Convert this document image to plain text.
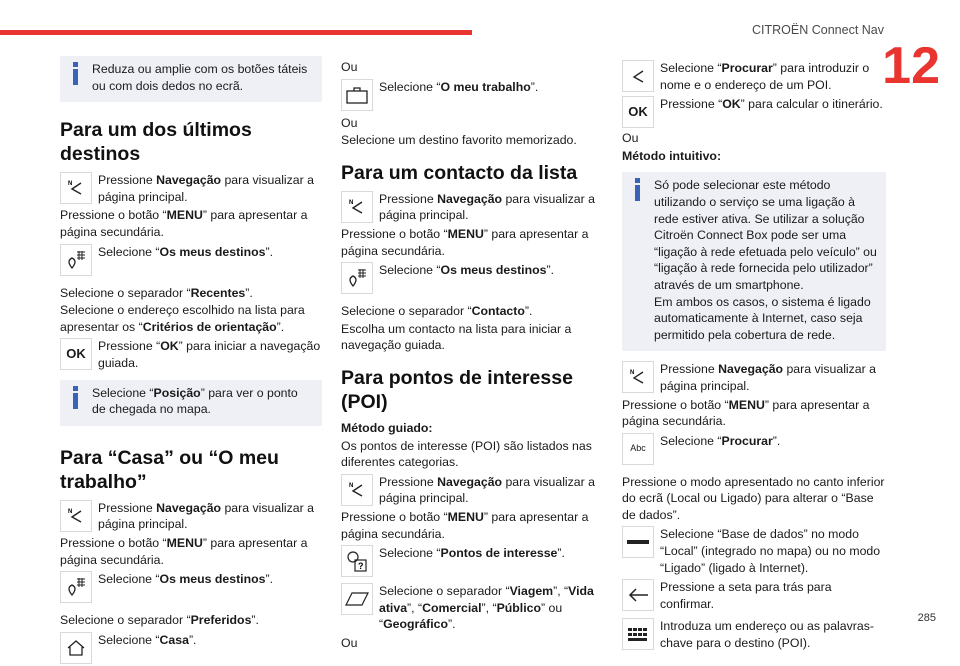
CITROËN Connect Nav
12
285
Reduza ou amplie com os botões táteis ou com dois dedos no ecrã.
Para um dos últimos destinos
N Pressione Navegação para visualizar a página principal.
Pressione o botão “MENU” para apresentar a página secundária.
Selecione “Os meus destinos”.
Selecione o separador “Recentes”.
Selecione o endereço escolhido na lista para apresentar os “Critérios de orientação”.
OK Pressione “OK” para iniciar a navegação guiada.
Selecione “Posição” para ver o ponto de chegada no mapa.
Para “Casa” ou “O meu trabalho”
N Pressione Navegação para visualizar a página principal.
Pressione o botão “MENU” para apresentar a página secundária.
Selecione “Os meus destinos”.
Selecione o separador “Preferidos”.
Selecione “Casa”.
Ou
Selecione “O meu trabalho”.
Ou
Selecione um destino favorito memorizado.
Para um contacto da lista
N Pressione Navegação para visualizar a página principal.
Pressione o botão “MENU” para apresentar a página secundária.
Selecione “Os meus destinos”.
Selecione o separador “Contacto”.
Escolha um contacto na lista para iniciar a navegação guiada.
Para pontos de interesse (POI)
Método guiado:
Os pontos de interesse (POI) são listados nas diferentes categorias.
N Pressione Navegação para visualizar a página principal.
Pressione o botão “MENU” para apresentar a página secundária.
?
Selecione “Pontos de interesse”.
Selecione o separador “Viagem”, “Vida ativa”, “Comercial”, “Público” ou “Geográfico”.
Ou
Selecione “Procurar” para introduzir o nome e o endereço de um POI.
OK Pressione “OK” para calcular o itinerário.
Ou
Método intuitivo:
Só pode selecionar este método utilizando o serviço se uma ligação à rede estiver ativa. Se utilizar a solução Citroën Connect Box pode ser uma “ligação à rede efetuada pelo veículo” ou “ligação à rede fornecida pelo utilizador” através de um smartphone.
Em ambos os casos, o sistema é ligado automaticamente à Internet, caso seja permitido pela cobertura de rede.
N Pressione Navegação para visualizar a página principal.
Pressione o botão “MENU” para apresentar a página secundária.
Abc
Selecione “Procurar”.
Pressione o modo apresentado no canto inferior do ecrã (Local ou Ligado) para alterar o “Base de dados”.
Selecione “Base de dados” no modo “Local” (integrado no mapa) ou no modo “Ligado” (ligado à Internet).
Pressione a seta para trás para confirmar.
Introduza um endereço ou as palavras-chave para o destino (POI).
